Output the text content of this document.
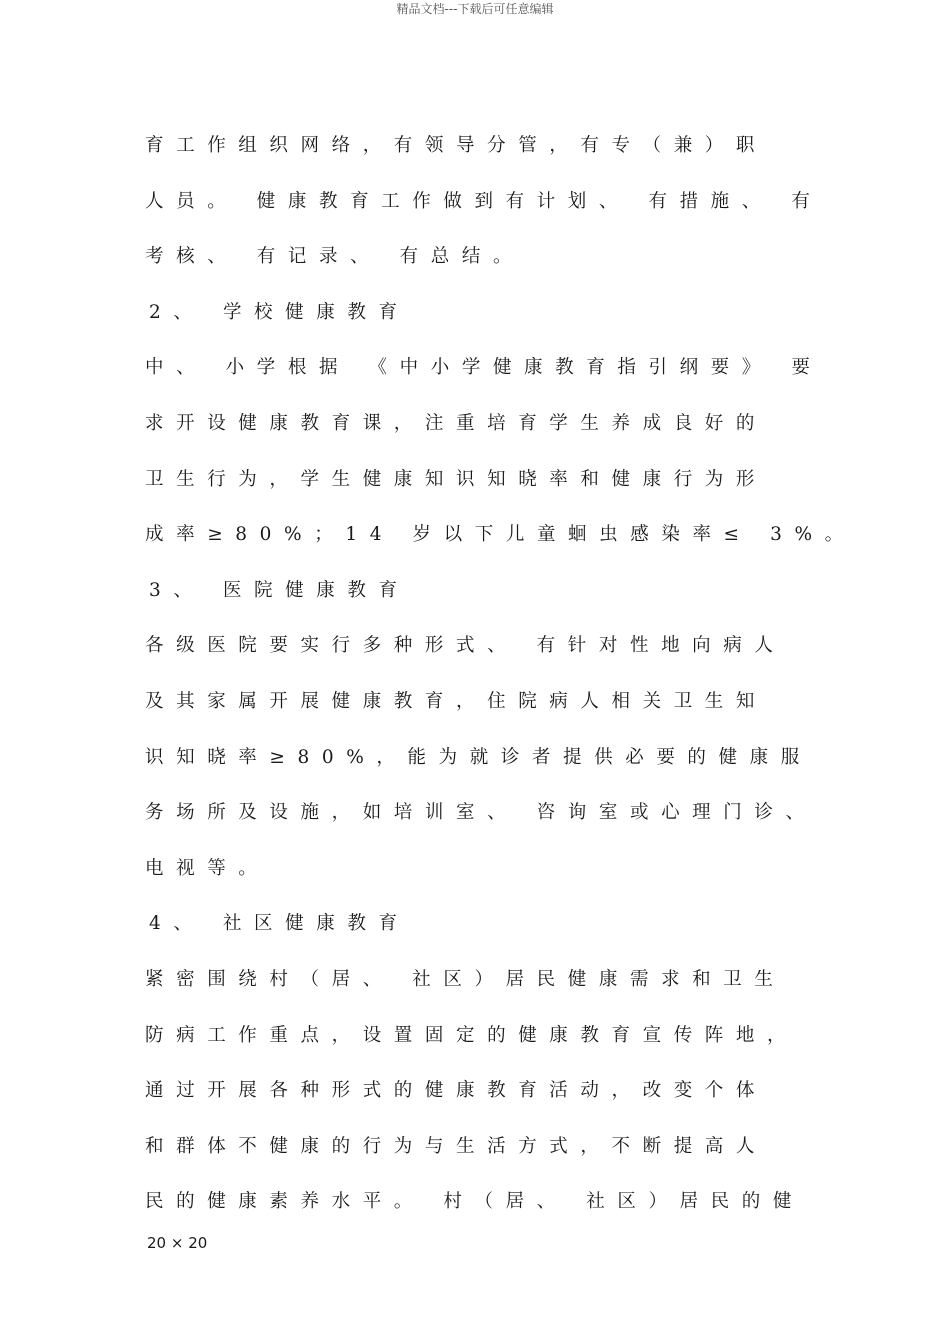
精品文档---下载后可任意编辑
育工作组织网络，有领导分管，有专（兼）职
人员。 健康教育工作做到有计划、 有措施、 有
考核、 有记录、 有总结。
2、 学校健康教育
中、 小学根据 《中小学健康教育指引纲要》 要
求开设健康教育课，注重培育学生养成良好的
卫生行为，学生健康知识知晓率和健康行为形
成率≥80%；14 岁以下儿童蛔虫感染率≤ 3%。
3、 医院健康教育
各级医院要实行多种形式、 有针对性地向病人
及其家属开展健康教育，住院病人相关卫生知
识知晓率≥80%，能为就诊者提供必要的健康服
务场所及设施，如培训室、 咨询室或心理门诊、
电视等。
4、 社区健康教育
紧密围绕村（居、 社区）居民健康需求和卫生
防病工作重点，设置固定的健康教育宣传阵地，
通过开展各种形式的健康教育活动，改变个体
和群体不健康的行为与生活方式，不断提高人
民的健康素养水平。 村（居、 社区）居民的健
20 × 20
